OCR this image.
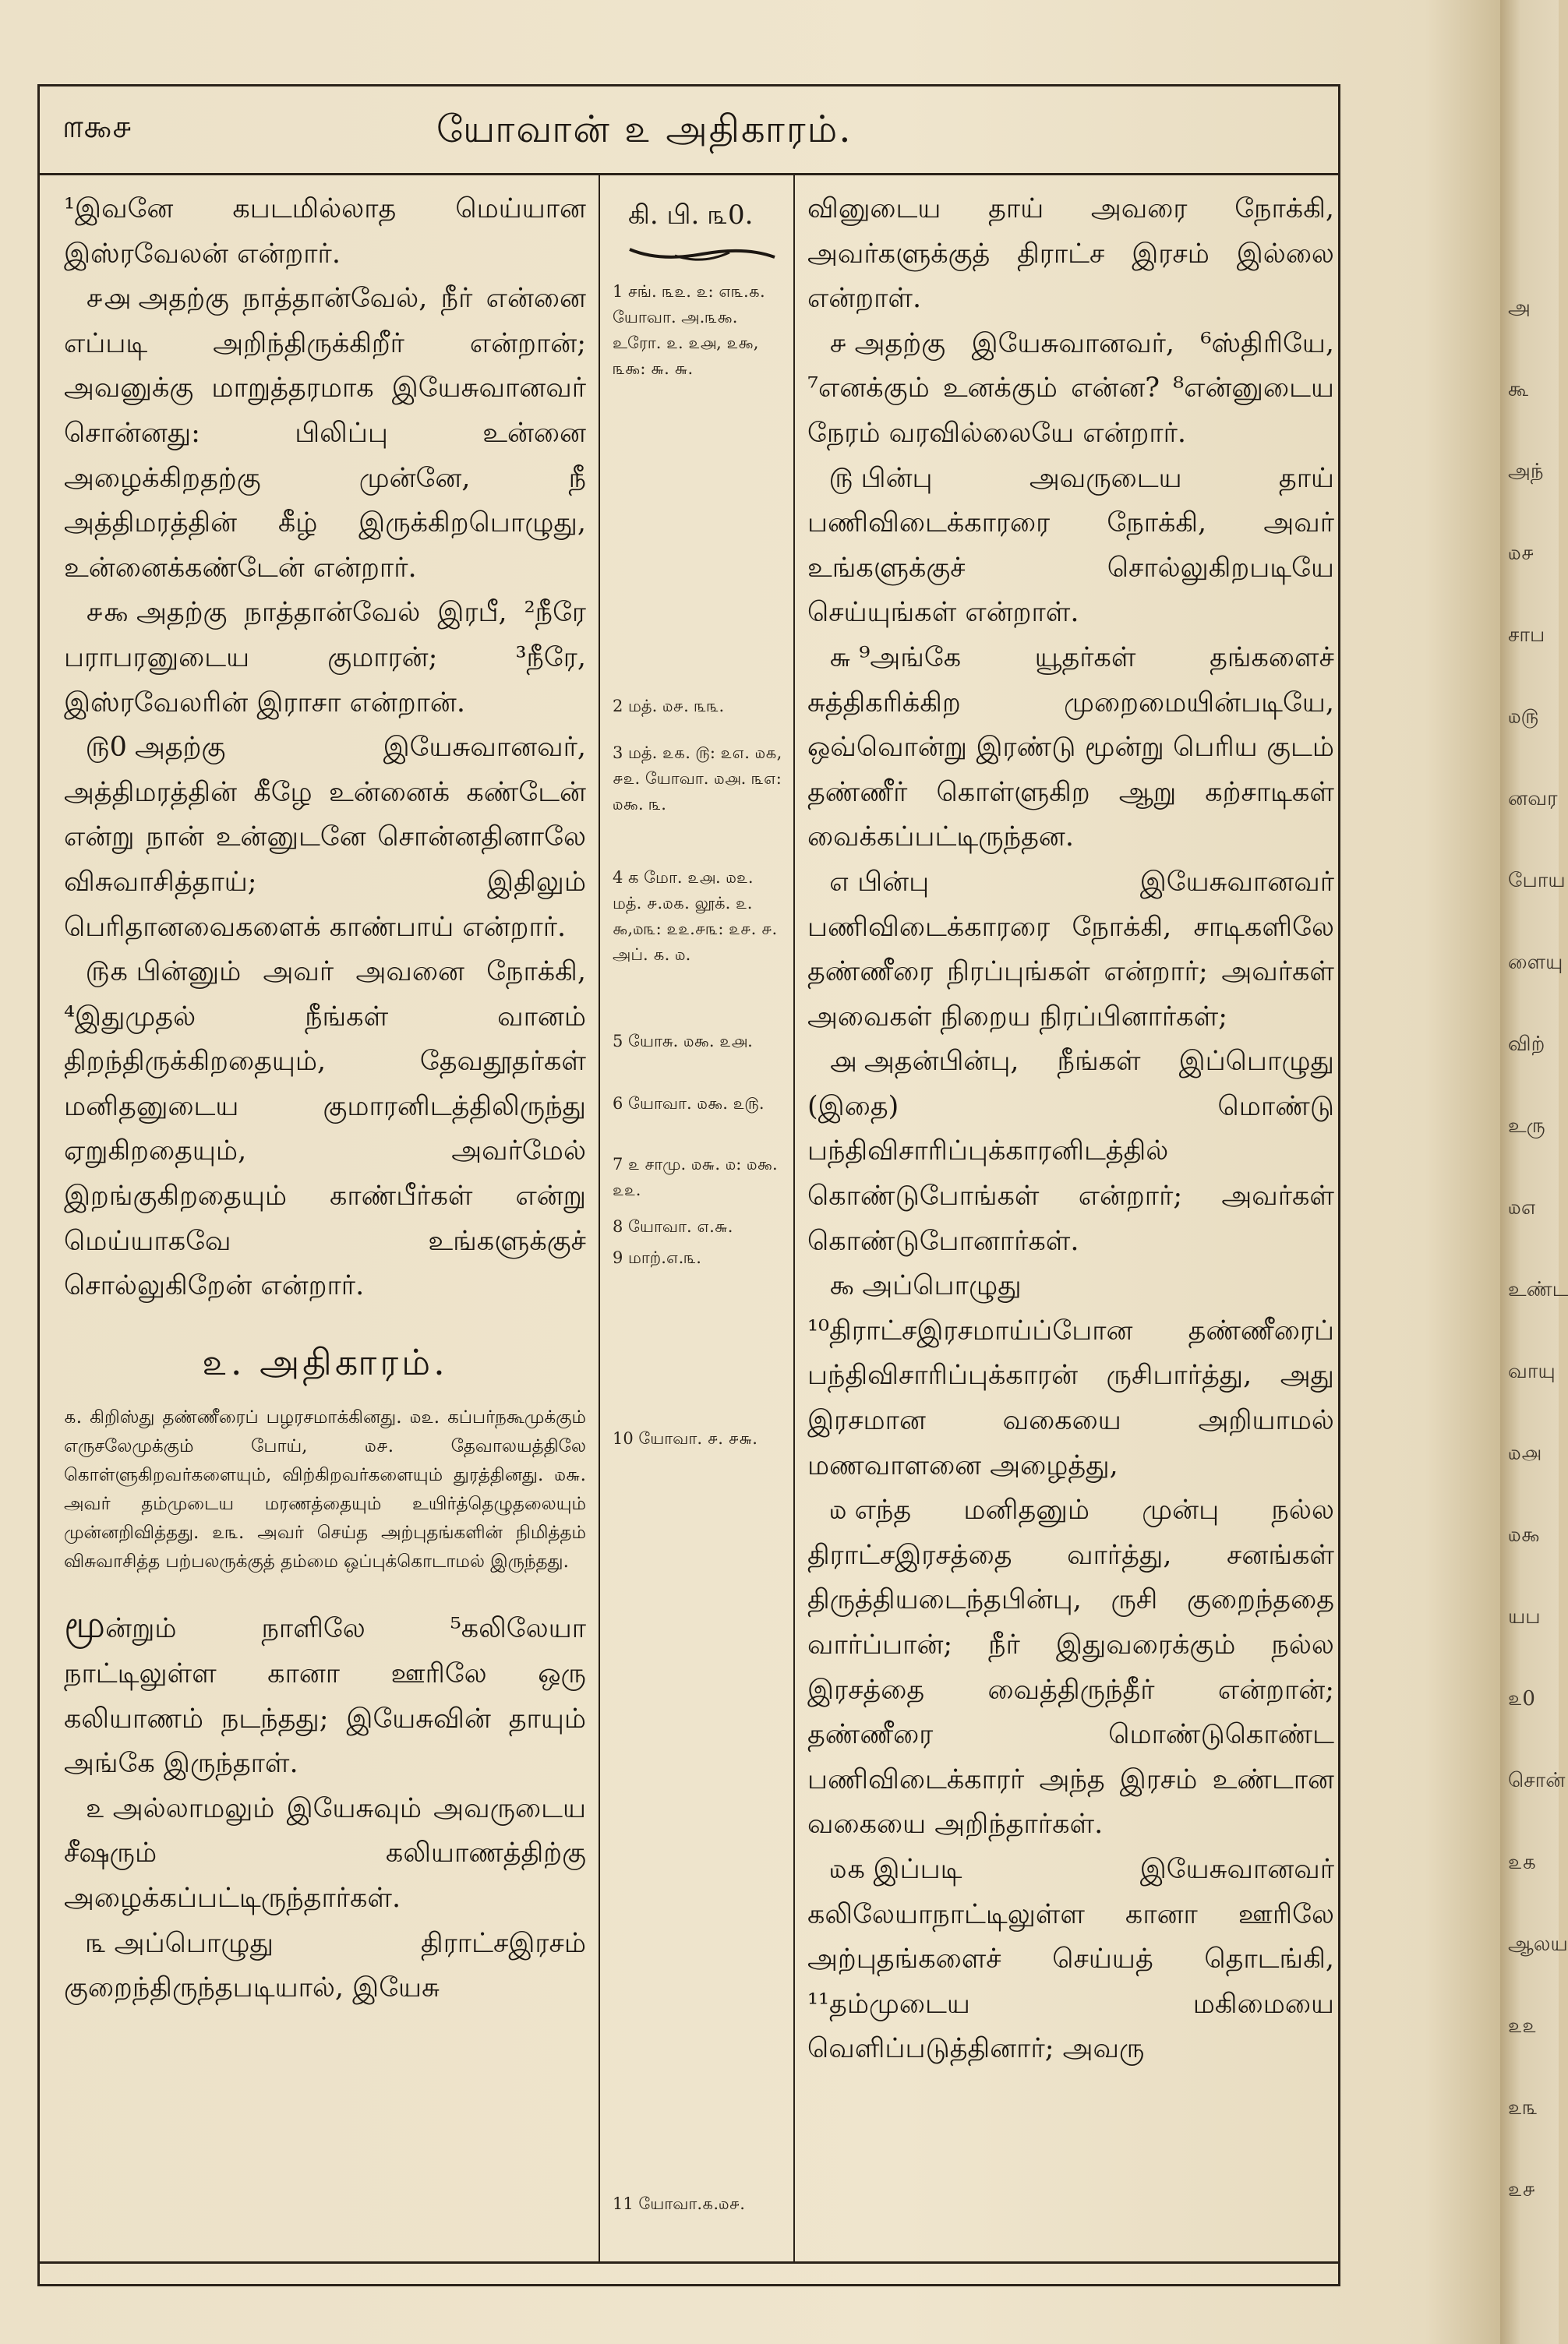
௱௯௪	யோவான் ௨ அதிகாரம்.

¹இவனே கபடமில்லாத மெய்யான இஸ்ரவேலன் என்றார்.

௪௮ அதற்கு நாத்தான்வேல், நீர் என்னை எப்படி அறிந்திருக்கிறீர் என்றான்; அவனுக்கு மாறுத்தரமாக இயேசுவானவர் சொன்னது: பிலிப்பு உன்னை அழைக்கிறதற்கு முன்னே, நீ அத்திமரத்தின் கீழ் இருக்கிறபொழுது, உன்னைக்கண்டேன் என்றார்.

௪௯ அதற்கு நாத்தான்வேல் இரபீ, ²நீரே பராபரனுடைய குமாரன்; ³நீரே, இஸ்ரவேலரின் இராசா என்றான்.

௫0 அதற்கு இயேசுவானவர், அத்திமரத்தின் கீழே உன்னைக் கண்டேன் என்று நான் உன்னுடனே சொன்னதினாலே விசுவாசித்தாய்; இதிலும் பெரிதானவைகளைக் காண்பாய் என்றார்.

௫௧ பின்னும் அவர் அவனை நோக்கி, ⁴இதுமுதல் நீங்கள் வானம் திறந்திருக்கிறதையும், தேவதூதர்கள் மனிதனுடைய குமாரனிடத்திலிருந்து ஏறுகிறதையும், அவர்மேல் இறங்குகிறதையும் காண்பீர்கள் என்று மெய்யாகவே உங்களுக்குச் சொல்லுகிறேன் என்றார்.

௨. அதிகாரம்.
௧. கிறிஸ்து தண்ணீரைப் பழரசமாக்கினது. ௰௨. கப்பர்நகூமுக்கும் எருசலேமுக்கும் போய், ௰௪. தேவாலயத்திலே கொள்ளுகிறவர்களையும், விற்கிறவர்களையும் துரத்தினது. ௰௬. அவர் தம்முடைய மரணத்தையும் உயிர்த்தெழுதலையும் முன்னறிவித்தது. ௨௩. அவர் செய்த அற்புதங்களின் நிமித்தம் விசுவாசித்த பற்பலருக்குத் தம்மை ஒப்புக்கொடாமல் இருந்தது.

மூன்றும் நாளிலே ⁵கலிலேயா நாட்டிலுள்ள கானா ஊரிலே ஒரு கலியாணம் நடந்தது; இயேசுவின் தாயும் அங்கே இருந்தாள்.

௨ அல்லாமலும் இயேசுவும் அவருடைய சீஷரும் கலியாணத்திற்கு அழைக்கப்பட்டிருந்தார்கள்.

௩ அப்பொழுது திராட்சஇரசம் குறைந்திருந்தபடியால், இயேசு

கி. பி. ௩0.
1 சங். ௩௨. ௨: ௭௩.௧. யோவா. அ.௩௯. உரோ. ௨. ௨௮, ௨௯, ௩௯: ௬. ௬.
2 மத். ௰௪. ௩௩.
3 மத். ௨௧. ௫: ௨௭. ௰௧, ௪௨. யோவா. ௰௮. ௩௭: ௰௯. ௩.
4 க மோ. ௨௮. ௰௨. மத். ௪.௰௧. லூக். ௨. ௯,௰௩: ௨௨.௪௩: ௨௪. ௪. அப். ௧. ௰.
5 யோசு. ௰௯. ௨௮.
6 யோவா. ௰௯. ௨௫.
7 ௨ சாமு. ௰௬. ௰: ௰௯. ௨௨.
8 யோவா. ௭.௬.
9 மாற்.௭.௩.
10 யோவா. ௪. ௪௬.
11 யோவா.௧.௰௪.

வினுடைய தாய் அவரை நோக்கி, அவர்களுக்குத் திராட்ச இரசம் இல்லை என்றாள்.

௪ அதற்கு இயேசுவானவர், ⁶ஸ்திரியே, ⁷எனக்கும் உனக்கும் என்ன? ⁸என்னுடைய நேரம் வரவில்லையே என்றார்.

௫ பின்பு அவருடைய தாய் பணிவிடைக்காரரை நோக்கி, அவர் உங்களுக்குச் சொல்லுகிறபடியே செய்யுங்கள் என்றாள்.

௬ ⁹அங்கே யூதர்கள் தங்களைச் சுத்திகரிக்கிற முறைமையின்படியே, ஒவ்வொன்று இரண்டு மூன்று பெரிய குடம் தண்ணீர் கொள்ளுகிற ஆறு கற்சாடிகள் வைக்கப்பட்டிருந்தன.

௭ பின்பு இயேசுவானவர் பணிவிடைக்காரரை நோக்கி, சாடிகளிலே தண்ணீரை நிரப்புங்கள் என்றார்; அவர்கள் அவைகள் நிறைய நிரப்பினார்கள்;

௮ அதன்பின்பு, நீங்கள் இப்பொழுது (இதை) மொண்டு பந்திவிசாரிப்புக்காரனிடத்தில் கொண்டுபோங்கள் என்றார்; அவர்கள் கொண்டுபோனார்கள்.

௯ அப்பொழுது ¹⁰திராட்சஇரசமாய்ப்போன தண்ணீரைப் பந்திவிசாரிப்புக்காரன் ருசிபார்த்து, அது இரசமான வகையை அறியாமல் மணவாளனை அழைத்து,

௰ எந்த மனிதனும் முன்பு நல்ல திராட்சஇரசத்தை வார்த்து, சனங்கள் திருத்தியடைந்தபின்பு, ருசி குறைந்ததை வார்ப்பான்; நீர் இதுவரைக்கும் நல்ல இரசத்தை வைத்திருந்தீர் என்றான்; தண்ணீரை மொண்டுகொண்ட பணிவிடைக்காரர் அந்த இரசம் உண்டான வகையை அறிந்தார்கள்.

௰௧ இப்படி இயேசுவானவர் கலிலேயாநாட்டிலுள்ள கானா ஊரிலே அற்புதங்களைச் செய்யத் தொடங்கி, ¹¹தம்முடைய மகிமையை வெளிப்படுத்தினார்; அவரு

அ
கூ
அந்
௰௪
சாப
௰௫
னவர
போய
ளையு
விற்
உரு
௰௭
உண்ட
வாயு
௰௮
௰௯
யப
௨0
சொன்
௨௧
ஆலய
௨௨
௨௩
௨௪
